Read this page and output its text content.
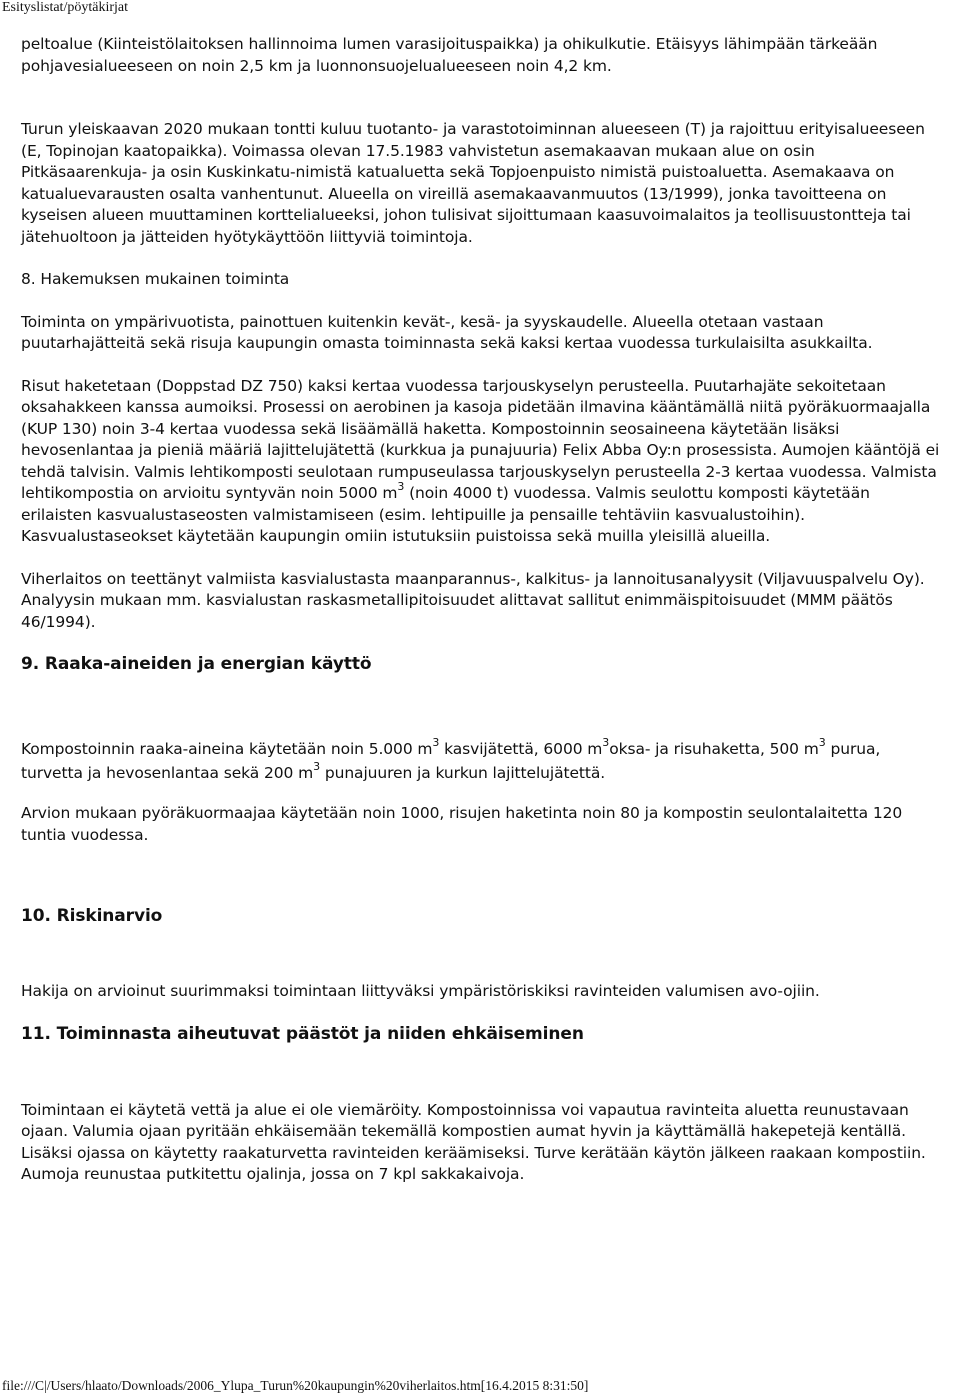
Esityslistat/pöytäkirjat

peltoalue (Kiinteistölaitoksen hallinnoima lumen varasijoituspaikka) ja ohikulkutie. Etäisyys lähimpään tärkeään pohjavesialueeseen on noin 2,5 km ja luonnonsuojelualueeseen noin 4,2 km.

Turun yleiskaavan 2020 mukaan tontti kuluu tuotanto- ja varastotoiminnan alueeseen (T) ja rajoittuu erityisalueeseen (E, Topinojan kaatopaikka). Voimassa olevan 17.5.1983 vahvistetun asemakaavan mukaan alue on osin Pitkäsaarenkuja- ja osin Kuskinkatu-nimistä katualuetta sekä Topjoenpuisto nimistä puistoaluetta. Asemakaava on katualuevarausten osalta vanhentunut. Alueella on vireillä asemakaavanmuutos (13/1999), jonka tavoitteena on kyseisen alueen muuttaminen korttelialueeksi, johon tulisivat sijoittumaan kaasuvoimalaitos ja teollisuustontteja tai jätehuoltoon ja jätteiden hyötykäyttöön liittyviä toimintoja.

8. Hakemuksen mukainen toiminta

Toiminta on ympärivuotista, painottuen kuitenkin kevät-, kesä- ja syyskaudelle. Alueella otetaan vastaan puutarhajätteitä sekä risuja kaupungin omasta toiminnasta sekä kaksi kertaa vuodessa turkulaisilta asukkailta.

Risut haketetaan (Doppstad DZ 750) kaksi kertaa vuodessa tarjouskyselyn perusteella. Puutarhajäte sekoitetaan oksahakkeen kanssa aumoiksi. Prosessi on aerobinen ja kasoja pidetään ilmavina kääntämällä niitä pyöräkuormaajalla (KUP 130) noin 3-4 kertaa vuodessa sekä lisäämällä haketta. Kompostoinnin seosaineena käytetään lisäksi hevosenlantaa ja pieniä määriä lajittelujätettä (kurkkua ja punajuuria) Felix Abba Oy:n prosessista. Aumojen kääntöjä ei tehdä talvisin. Valmis lehtikomposti seulotaan rumpuseulassa tarjouskyselyn perusteella 2-3 kertaa vuodessa. Valmista lehtikompostia on arvioitu syntyvän noin 5000 $m^3$ (noin 4000 t) vuodessa. Valmis seulottu komposti käytetään erilaisten kasvualustaseosten valmistamiseen (esim. lehtipuille ja pensaille tehtäviin kasvualustoihin). Kasvualustaseokset käytetään kaupungin omiin istutuksiin puistoissa sekä muilla yleisillä alueilla.

Viherlaitos on teettänyt valmiista kasvialustasta maanparannus-, kalkitus- ja lannoitusanalyysit (Viljavuuspalvelu Oy). Analyysin mukaan mm. kasvialustan raskasmetallipitoisuudet alittavat sallitut enimmäispitoisuudet (MMM päätös 46/1994).

9. Raaka-aineiden ja energian käyttö

Kompostoinnin raaka-aineina käytetään noin 5.000 $m^3$ kasvijätettä, 6000 $m^3oksa-$ ja risuhaketta, 500 $m^3$ purua, turvetta ja hevosenlantaa sekä 200 $m^3$ punajuuren ja kurkun lajittelujätettä.

Arvion mukaan pyöräkuormaajaa käytetään noin 1000, risujen haketinta noin 80 ja kompostin seulontalaitetta 120 tuntia vuodessa.

10. Riskinarvio

Hakija on arvioinut suurimmaksi toimintaan liittyväksi ympäristöriskiksi ravinteiden valumisen avo-ojiin.

11. Toiminnasta aiheutuvat päästöt ja niiden ehkäiseminen

Toimintaan ei käytetä vettä ja alue ei ole viemäröity. Kompostoinnissa voi vapautua ravinteita aluetta reunustavaan ojaan. Valumia ojaan pyritään ehkäisemään tekemällä kompostien aumat hyvin ja käyttämällä hakepetejä kentällä. Lisäksi ojassa on käytetty raakaturvetta ravinteiden keräämiseksi. Turve kerätään käytön jälkeen raakaan kompostiin. Aumoja reunustaa putkitettu ojalinja, jossa on 7 kpl sakkakaivoja.

file:///C|/Users/hlaato/Downloads/2006_Ylupa_Turun%20kaupungin%20viherlaitos.htm[16.4.2015 8:31:50]
